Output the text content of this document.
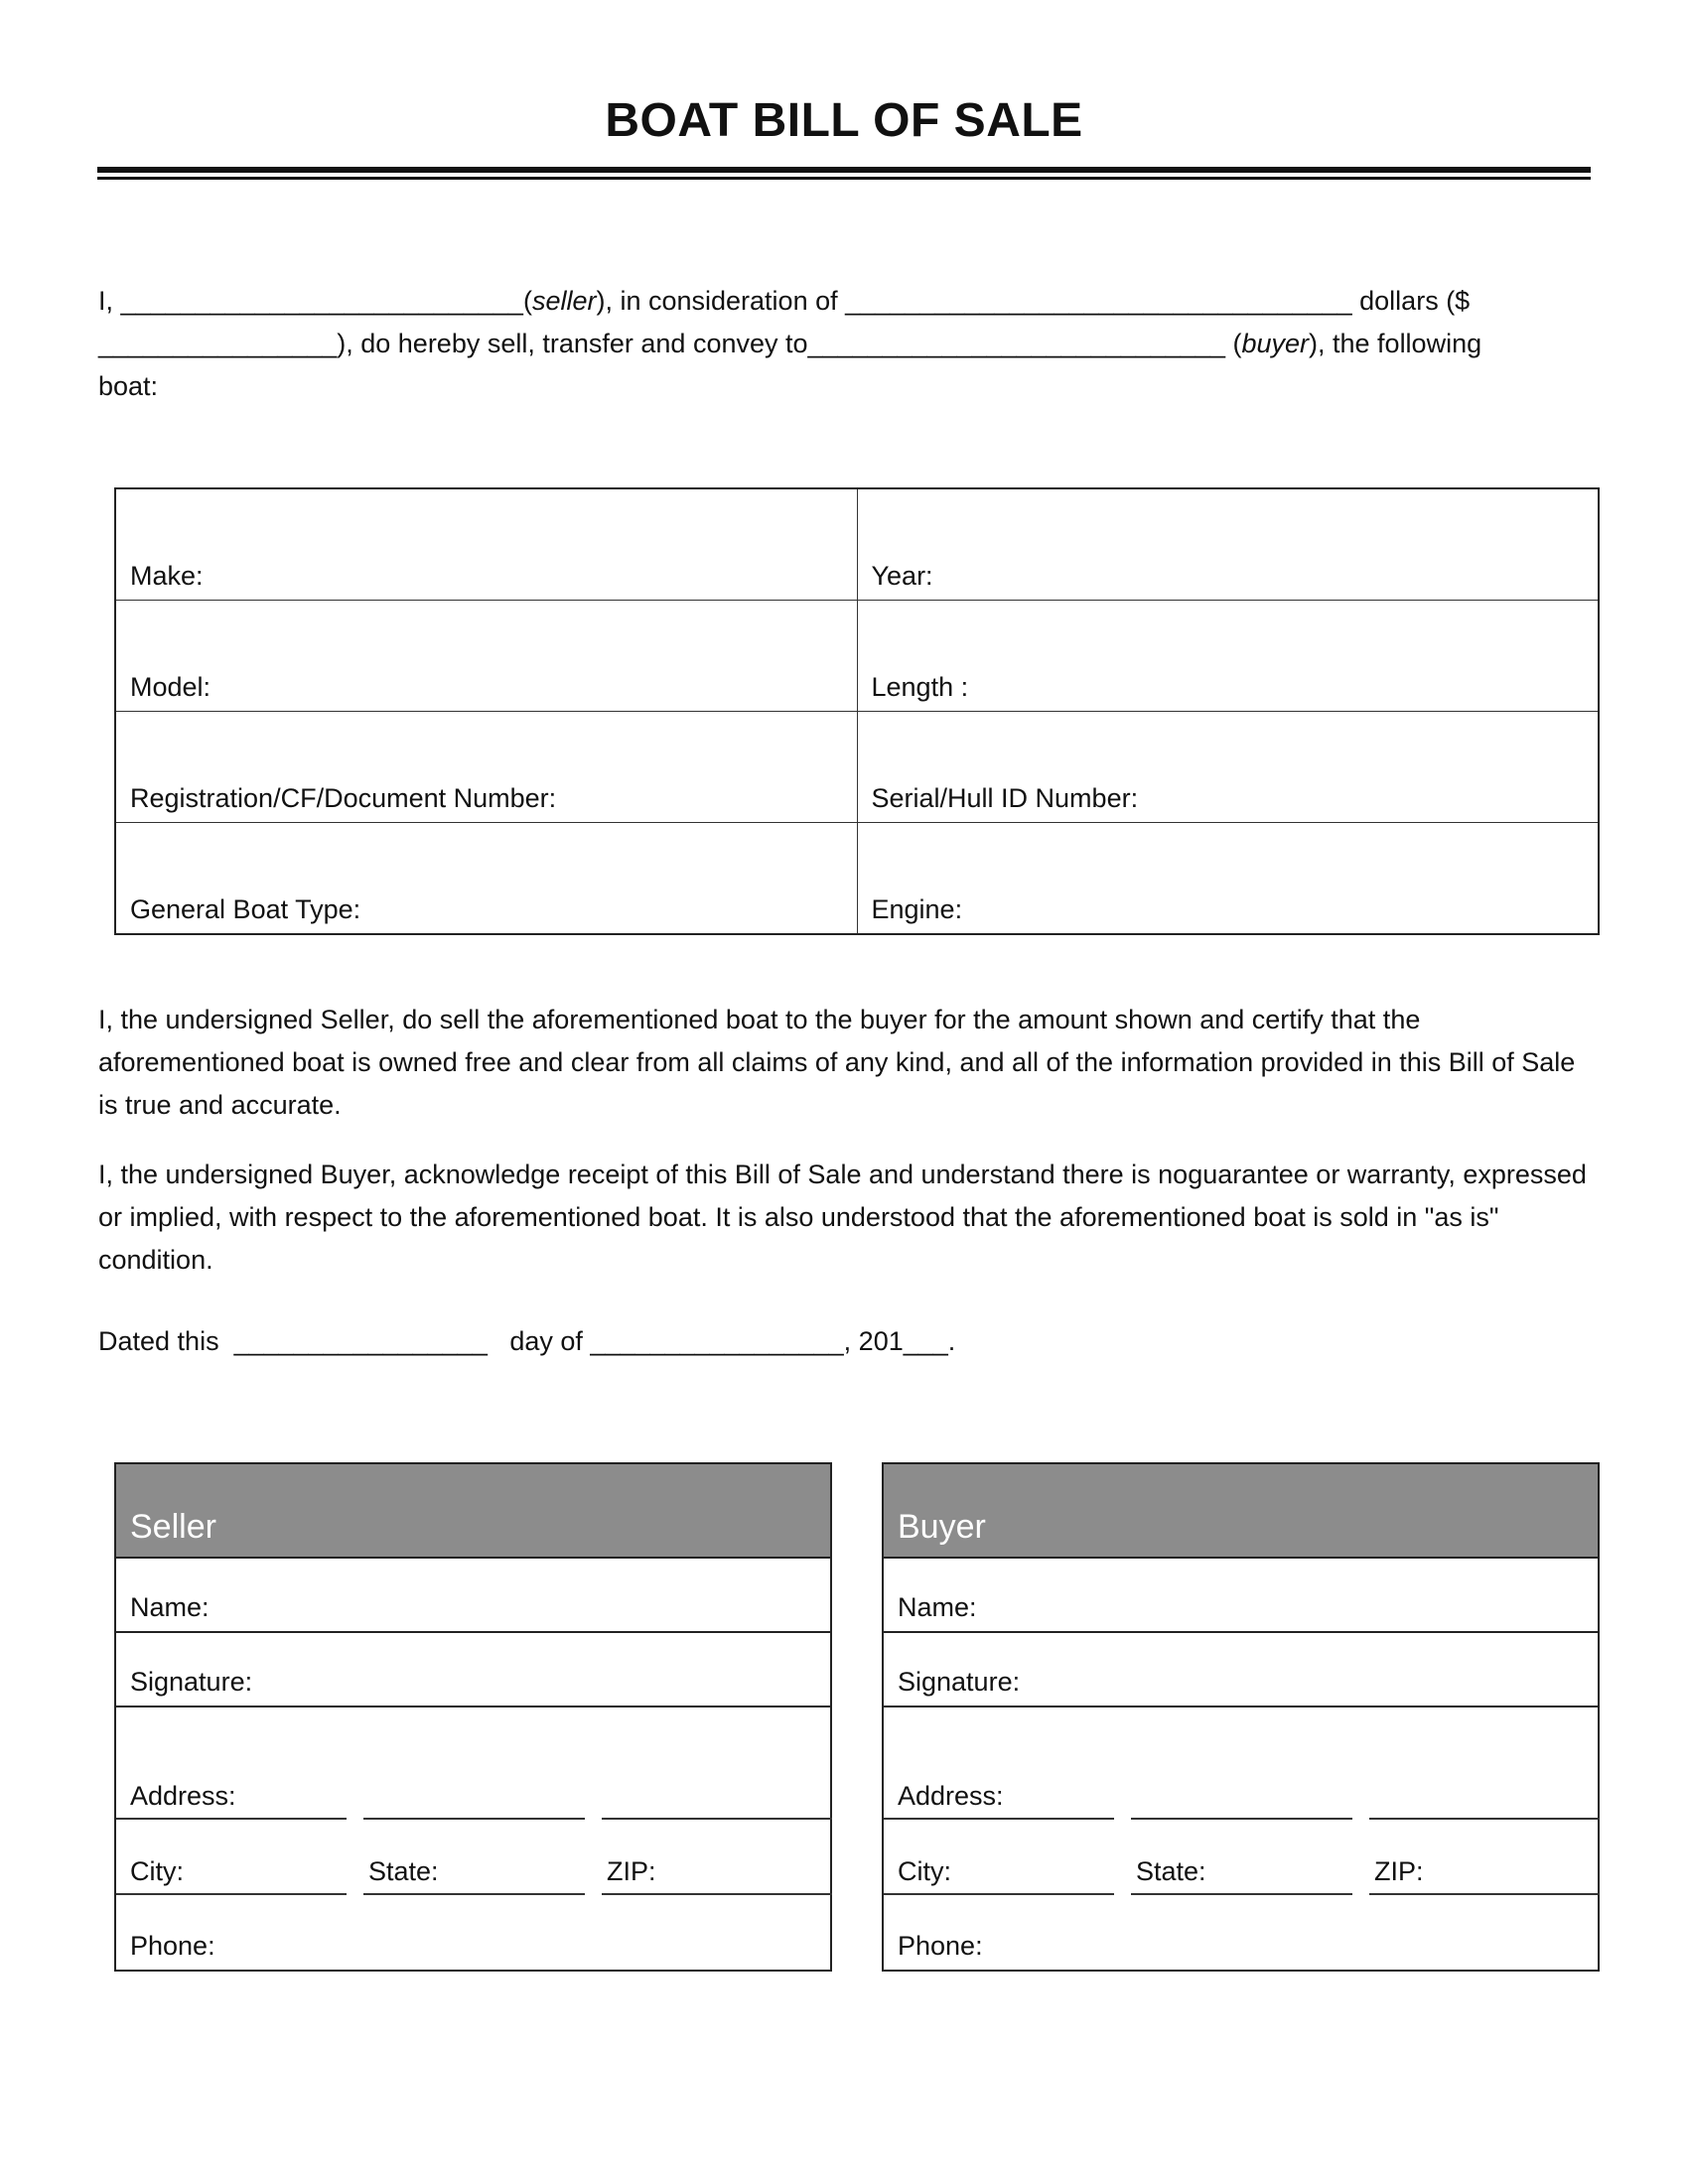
BOAT BILL OF SALE

I, ___________________________(seller), in consideration of __________________________________ dollars ($
________________), do hereby sell, transfer and convey to____________________________ (buyer), the following
boat:

Make:	Year:
Model:	Length :
Registration/CF/Document Number:	Serial/Hull ID Number:
General Boat Type:	Engine:

I, the undersigned Seller, do sell the aforementioned boat to the buyer for the amount shown and certify that the aforementioned boat is owned free and clear from all claims of any kind, and all of the information provided in this Bill of Sale is true and accurate.

I, the undersigned Buyer, acknowledge receipt of this Bill of Sale and understand there is noguarantee or warranty, expressed or implied, with respect to the aforementioned boat. It is also understood that the aforementioned boat is sold in "as is" condition.

Dated this  _________________   day of _________________, 201___.

Seller
Name:
Signature:
Address:
City:	State:	ZIP:
Phone:
Buyer
Name:
Signature:
Address:
City:	State:	ZIP:
Phone:
